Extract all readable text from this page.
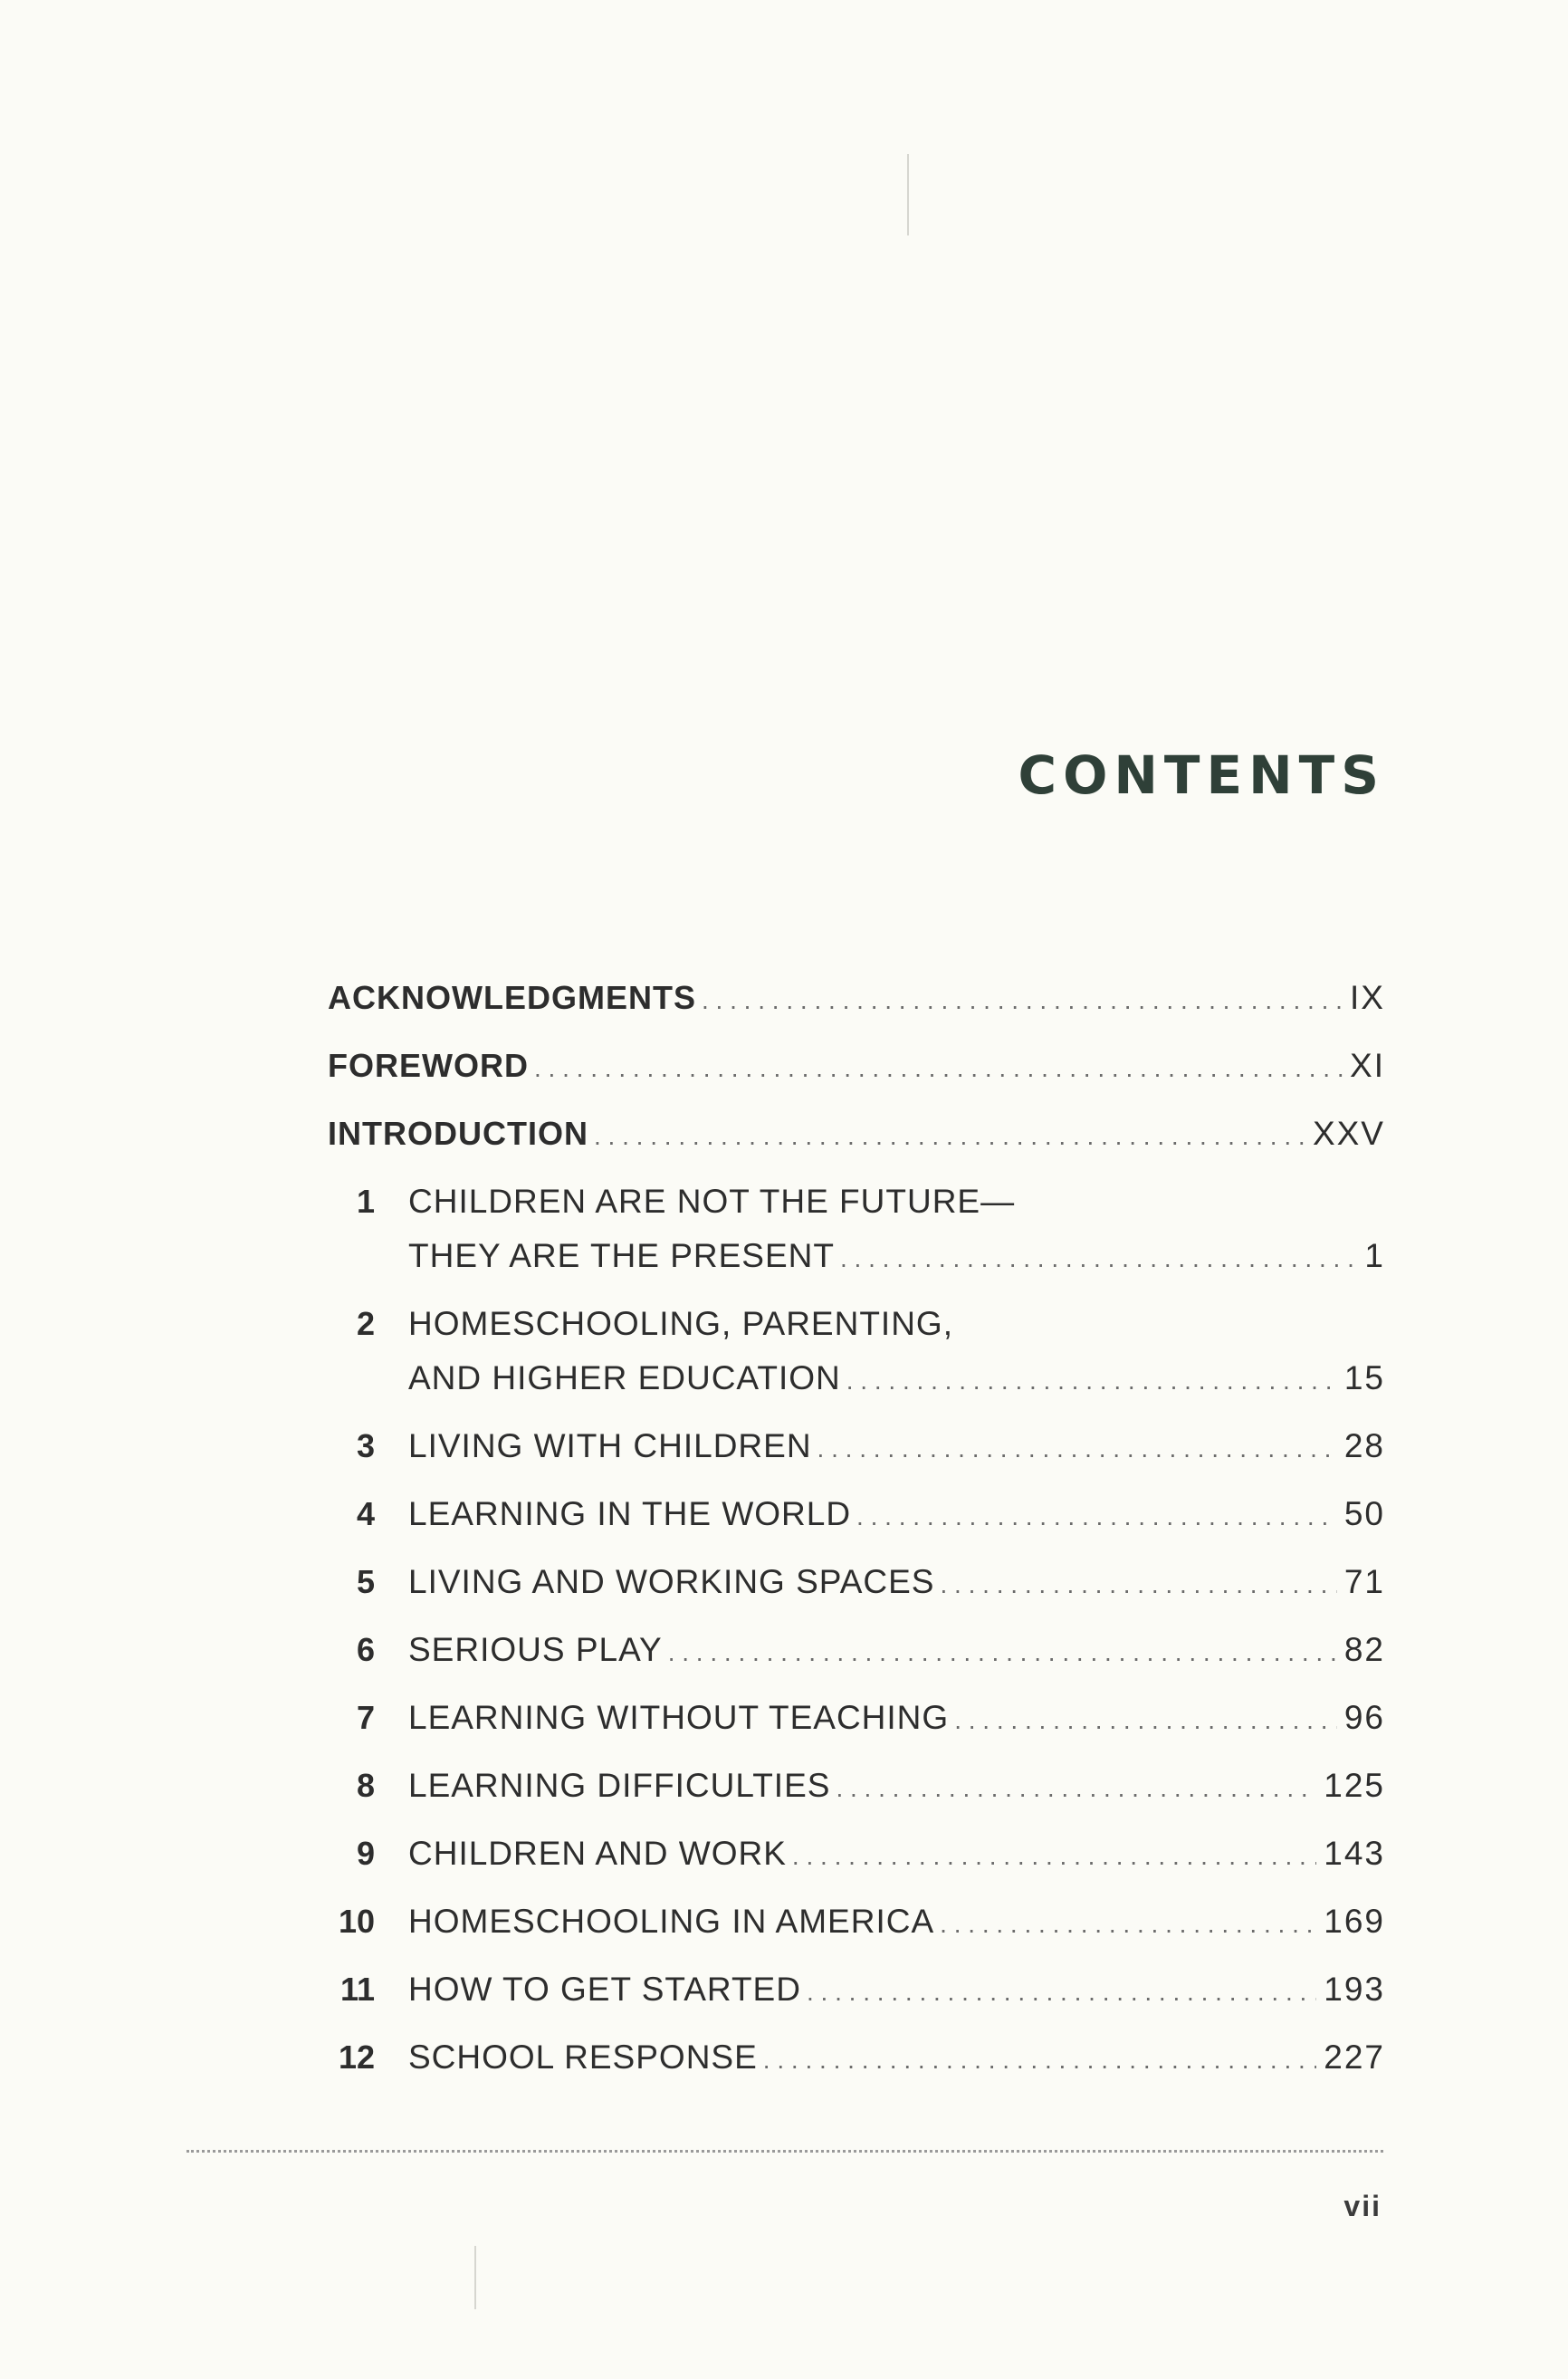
CONTENTS
ACKNOWLEDGMENTS . . .	IX
FOREWORD . . .	XI
INTRODUCTION . . .	XXV
1 CHILDREN ARE NOT THE FUTURE—
THEY ARE THE PRESENT . . .	1
2 HOMESCHOOLING, PARENTING,
AND HIGHER EDUCATION . . .	15
3 LIVING WITH CHILDREN . . .	28
4 LEARNING IN THE WORLD . . .	50
5 LIVING AND WORKING SPACES . . .	71
6 SERIOUS PLAY . . .	82
7 LEARNING WITHOUT TEACHING . . .	96
8 LEARNING DIFFICULTIES . . .	125
9 CHILDREN AND WORK . . .	143
10 HOMESCHOOLING IN AMERICA . . .	169
11 HOW TO GET STARTED . . .	193
12 SCHOOL RESPONSE . . .	227
vii
